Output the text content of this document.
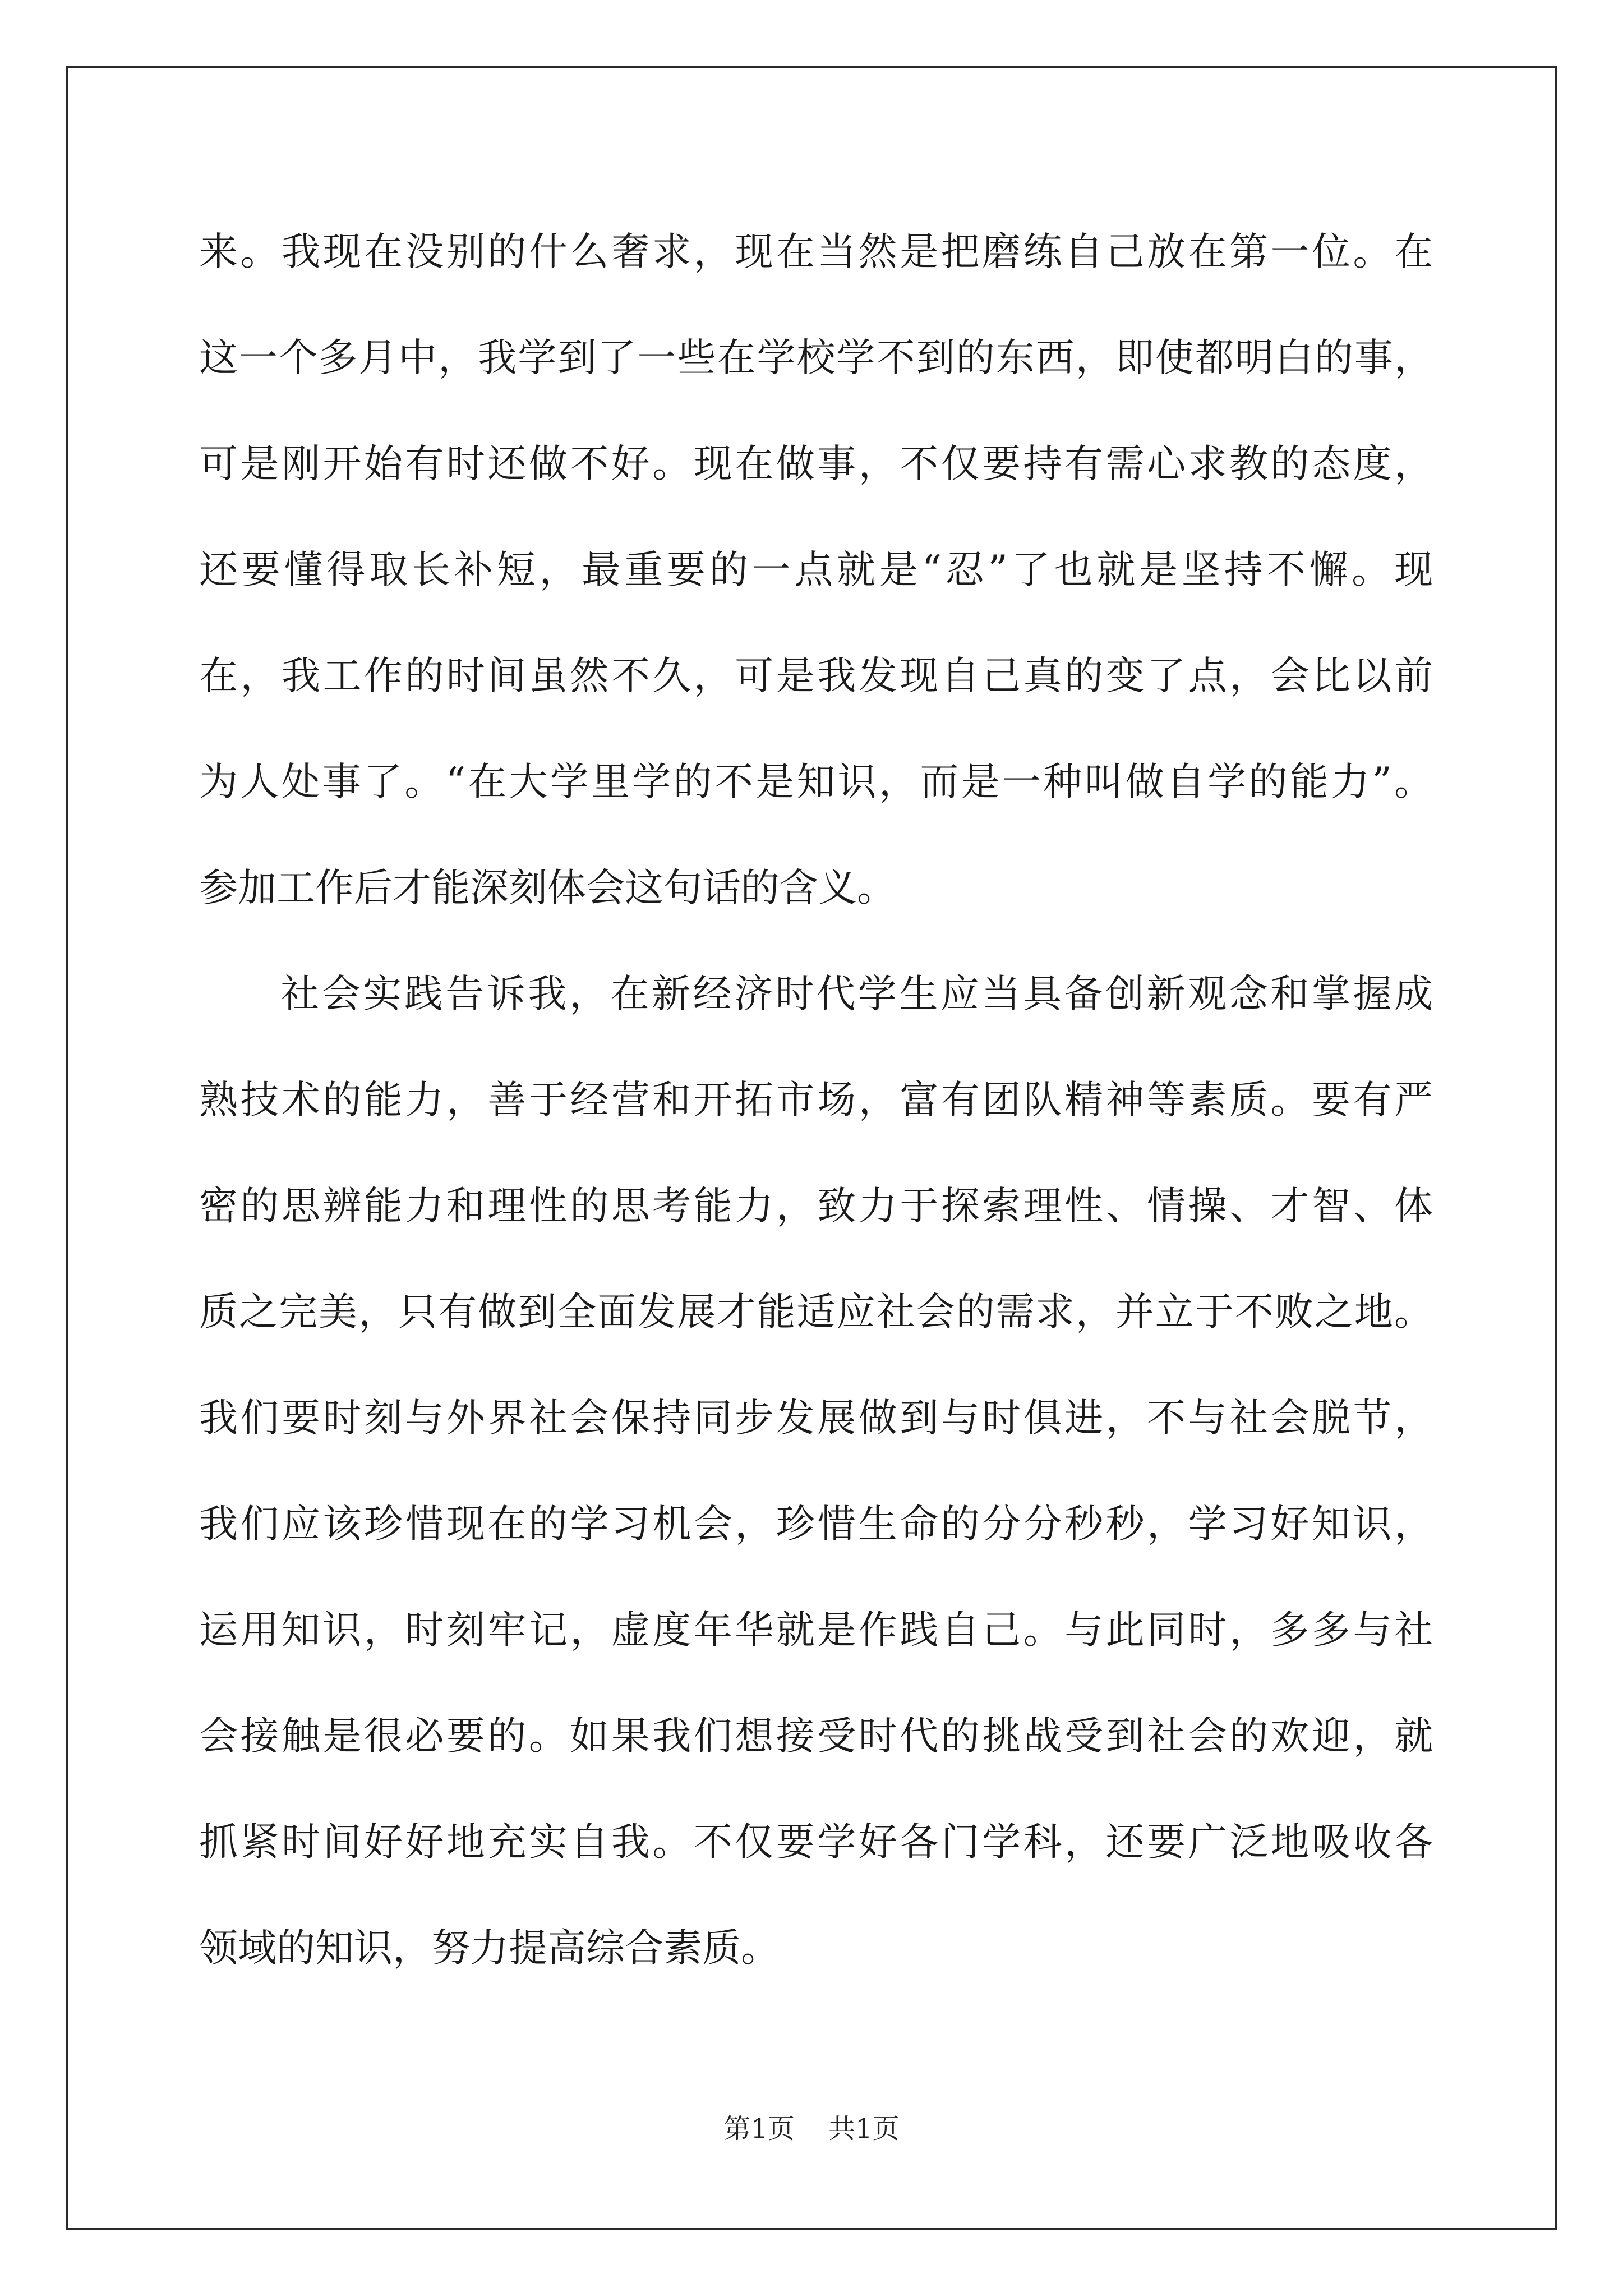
来。我现在没别的什么奢求，现在当然是把磨练自己放在第一位。在
这一个多月中，我学到了一些在学校学不到的东西，即使都明白的事，
可是刚开始有时还做不好。现在做事，不仅要持有需心求教的态度，
还要懂得取长补短，最重要的一点就是“忍”了也就是坚持不懈。现
在，我工作的时间虽然不久，可是我发现自己真的变了点，会比以前
为人处事了。“在大学里学的不是知识，而是一种叫做自学的能力”。
参加工作后才能深刻体会这句话的含义。
社会实践告诉我，在新经济时代学生应当具备创新观念和掌握成
熟技术的能力，善于经营和开拓市场，富有团队精神等素质。要有严
密的思辨能力和理性的思考能力，致力于探索理性、情操、才智、体
质之完美，只有做到全面发展才能适应社会的需求，并立于不败之地。
我们要时刻与外界社会保持同步发展做到与时俱进，不与社会脱节，
我们应该珍惜现在的学习机会，珍惜生命的分分秒秒，学习好知识，
运用知识，时刻牢记，虚度年华就是作践自己。与此同时，多多与社
会接触是很必要的。如果我们想接受时代的挑战受到社会的欢迎，就
抓紧时间好好地充实自我。不仅要学好各门学科，还要广泛地吸收各
领域的知识，努力提高综合素质。
第1页 共1页
